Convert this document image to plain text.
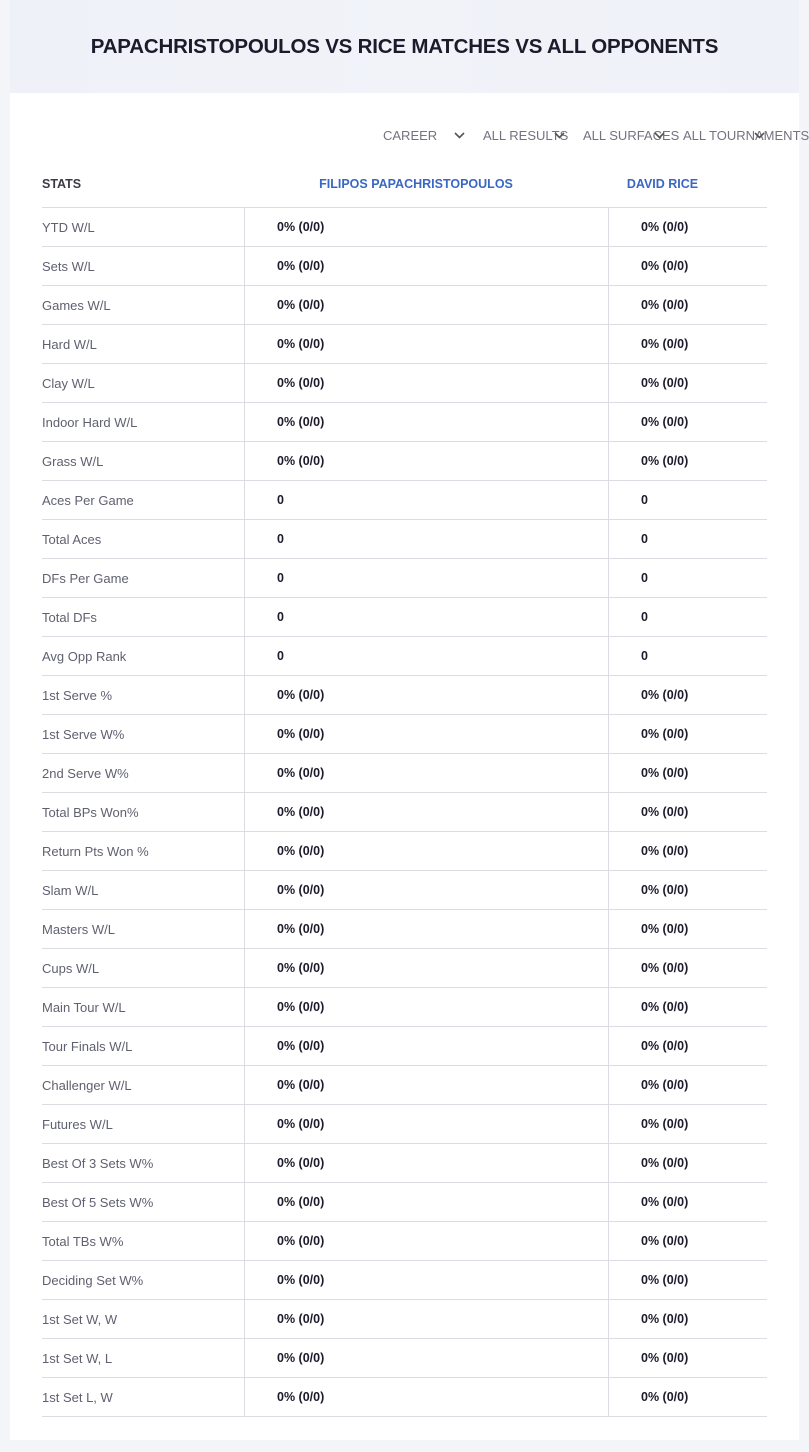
PAPACHRISTOPOULOS VS RICE MATCHES VS ALL OPPONENTS
CAREER	ALL RESULTS ALL SURFACES ALL TOURNAMENTS
STATS	FILIPOS PAPACHRISTOPOULOS	DAVID RICE
YTD W/L	0% (0/0)	0% (0/0)
Sets W/L	0% (0/0)	0% (0/0)
Games W/L	0% (0/0)	0% (0/0)
Hard W/L	0% (0/0)	0% (0/0)
Clay W/L	0% (0/0)	0% (0/0)
Indoor Hard W/L	0% (0/0)	0% (0/0)
Grass W/L	0% (0/0)	0% (0/0)
Aces Per Game	0	0
Total Aces	0	0
DFs Per Game	0	0
Total DFs	0	0
Avg Opp Rank	0	0
1st Serve %	0% (0/0)	0% (0/0)
1st Serve W%	0% (0/0)	0% (0/0)
2nd Serve W%	0% (0/0)	0% (0/0)
Total BPs Won%	0% (0/0)	0% (0/0)
Return Pts Won %	0% (0/0)	0% (0/0)
Slam W/L	0% (0/0)	0% (0/0)
Masters W/L	0% (0/0)	0% (0/0)
Cups W/L	0% (0/0)	0% (0/0)
Main Tour W/L	0% (0/0)	0% (0/0)
Tour Finals W/L	0% (0/0)	0% (0/0)
Challenger W/L	0% (0/0)	0% (0/0)
Futures W/L	0% (0/0)	0% (0/0)
Best Of 3 Sets W%	0% (0/0)	0% (0/0)
Best Of 5 Sets W%	0% (0/0)	0% (0/0)
Total TBs W%	0% (0/0)	0% (0/0)
Deciding Set W%	0% (0/0)	0% (0/0)
1st Set W, W	0% (0/0)	0% (0/0)
1st Set W, L	0% (0/0)	0% (0/0)
1st Set L, W	0% (0/0)	0% (0/0)
